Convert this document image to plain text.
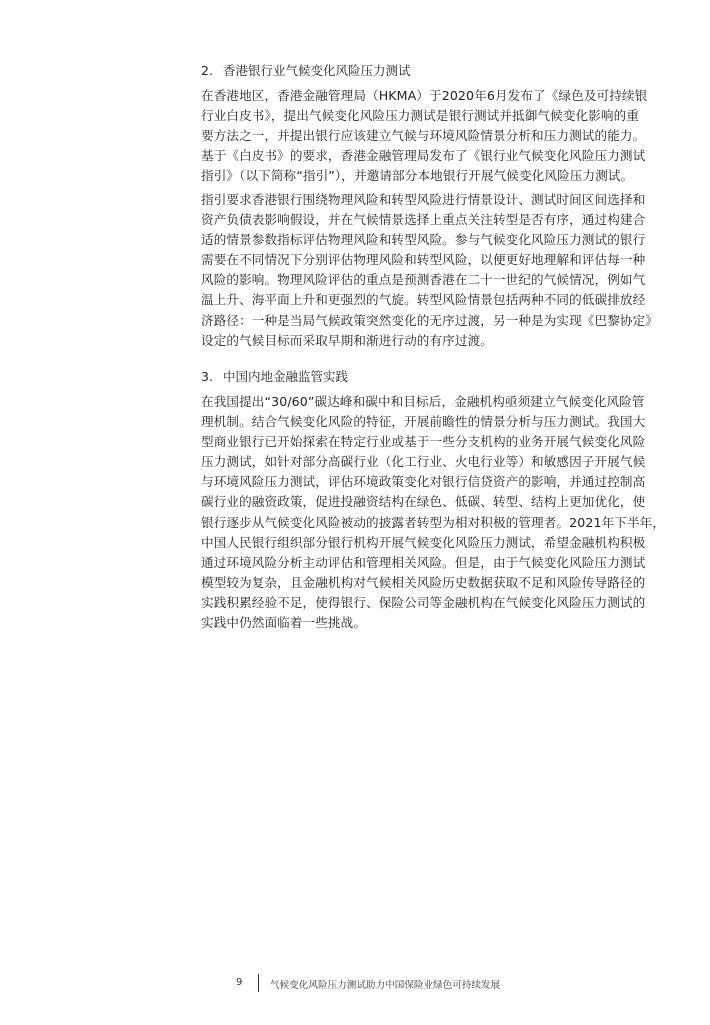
2. 香港银行业气候变化风险压力测试
在香港地区，香港金融管理局（HKMA）于2020年6月发布了《绿色及可持续银
行业白皮书》，提出气候变化风险压力测试是银行测试并抵御气候变化影响的重
要方法之一，并提出银行应该建立气候与环境风险情景分析和压力测试的能力。
基于《白皮书》的要求，香港金融管理局发布了《银行业气候变化风险压力测试
指引》（以下简称“指引”），并邀请部分本地银行开展气候变化风险压力测试。
指引要求香港银行围绕物理风险和转型风险进行情景设计、测试时间区间选择和
资产负债表影响假设，并在气候情景选择上重点关注转型是否有序，通过构建合
适的情景参数指标评估物理风险和转型风险。参与气候变化风险压力测试的银行
需要在不同情况下分别评估物理风险和转型风险，以便更好地理解和评估每一种
风险的影响。物理风险评估的重点是预测香港在二十一世纪的气候情况，例如气
温上升、海平面上升和更强烈的气旋。转型风险情景包括两种不同的低碳排放经
济路径：一种是当局气候政策突然变化的无序过渡，另一种是为实现《巴黎协定》
设定的气候目标而采取早期和渐进行动的有序过渡。
3. 中国内地金融监管实践
在我国提出“30/60”碳达峰和碳中和目标后，金融机构亟须建立气候变化风险管
理机制。结合气候变化风险的特征，开展前瞻性的情景分析与压力测试。我国大
型商业银行已开始探索在特定行业或基于一些分支机构的业务开展气候变化风险
压力测试，如针对部分高碳行业（化工行业、火电行业等）和敏感因子开展气候
与环境风险压力测试，评估环境政策变化对银行信贷资产的影响，并通过控制高
碳行业的融资政策，促进投融资结构在绿色、低碳、转型、结构上更加优化，使
银行逐步从气候变化风险被动的披露者转型为相对积极的管理者。2021年下半年，
中国人民银行组织部分银行机构开展气候变化风险压力测试，希望金融机构积极
通过环境风险分析主动评估和管理相关风险。但是，由于气候变化风险压力测试
模型较为复杂，且金融机构对气候相关风险历史数据获取不足和风险传导路径的
实践积累经验不足，使得银行、保险公司等金融机构在气候变化风险压力测试的
实践中仍然面临着一些挑战。
9	气候变化风险压力测试助力中国保险业绿色可持续发展
